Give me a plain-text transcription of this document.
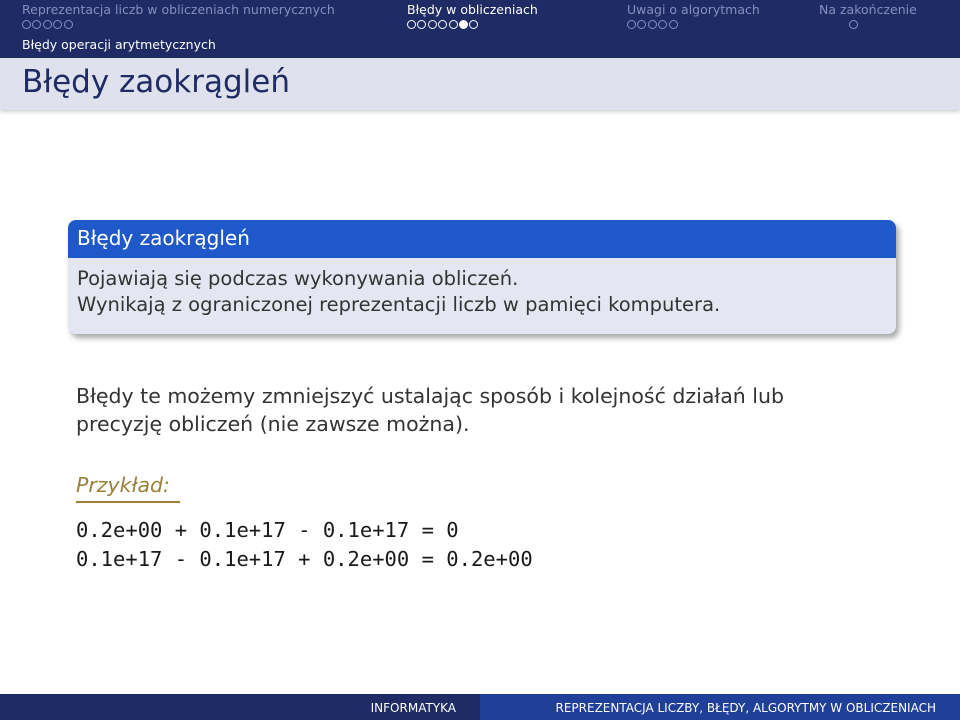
Reprezentacja liczb w obliczeniach numerycznych	Błędy w obliczeniach	Uwagi o algorytmach	Na zakończenie
Błędy operacji arytmetycznych
Błędy zaokrągleń
Błędy zaokrągleń
Pojawiają się podczas wykonywania obliczeń.
Wynikają z ograniczonej reprezentacji liczb w pamięci komputera.
Błędy te możemy zmniejszyć ustalając sposób i kolejność działań lub
precyzję obliczeń (nie zawsze można).
Przykład:
0.2e+00 + 0.1e+17 - 0.1e+17 = 0
0.1e+17 - 0.1e+17 + 0.2e+00 = 0.2e+00
INFORMATYKA	REPREZENTACJA LICZBY, BŁĘDY, ALGORYTMY W OBLICZENIACH
